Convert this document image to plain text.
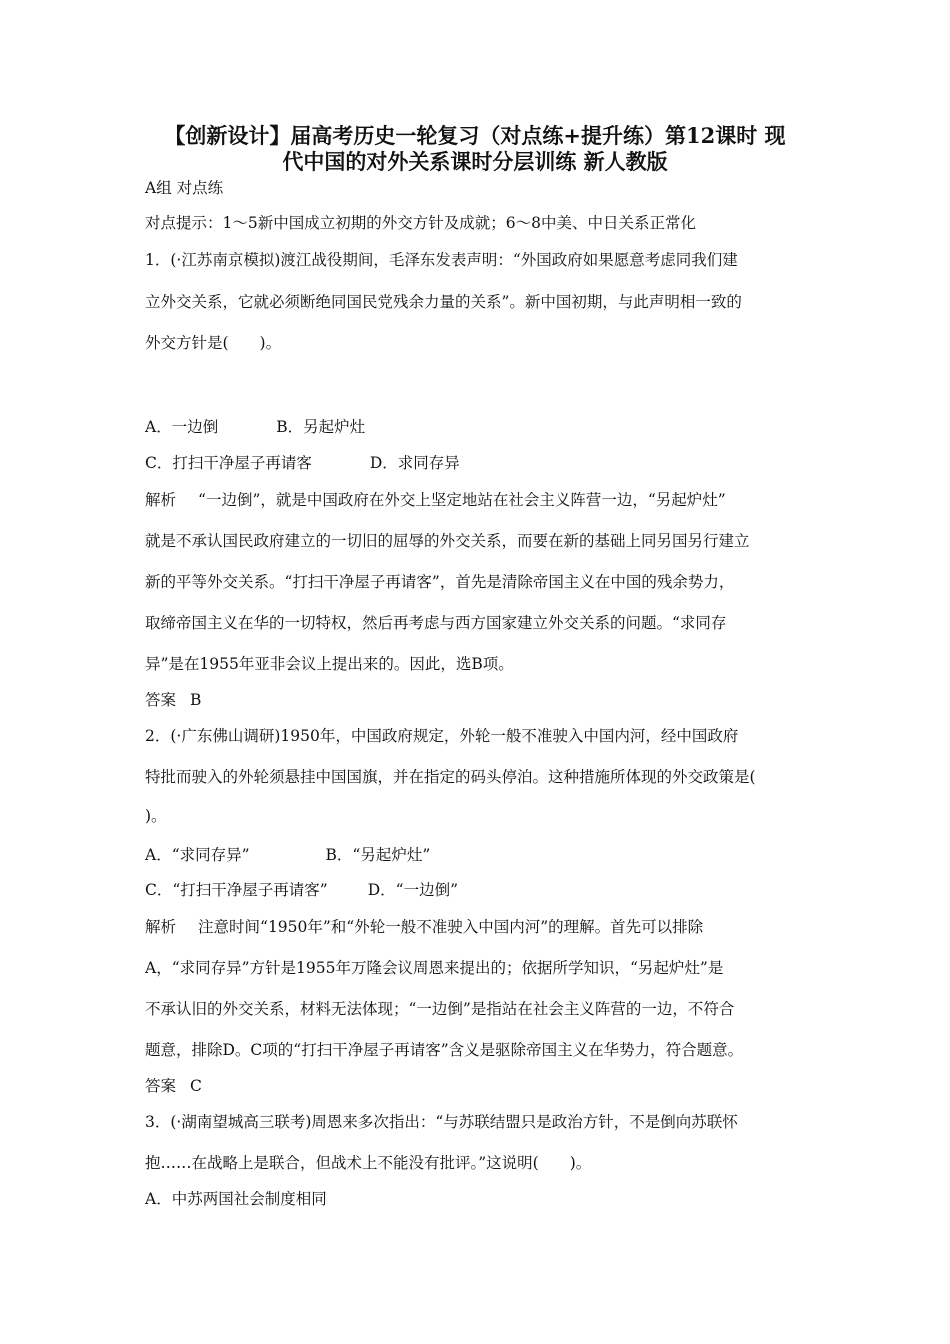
【创新设计】届高考历史一轮复习（对点练+提升练）第12课时 现
代中国的对外关系课时分层训练 新人教版
A组 对点练
对点提示：1～5新中国成立初期的外交方针及成就；6～8中美、中日关系正常化
1．(·江苏南京模拟)渡江战役期间，毛泽东发表声明：“外国政府如果愿意考虑同我们建
立外交关系，它就必须断绝同国民党残余力量的关系”。新中国初期，与此声明相一致的
外交方针是(　　)。
A．一边倒	B．另起炉灶
C．打扫干净屋子再请客	D．求同存异
解析 “一边倒”，就是中国政府在外交上坚定地站在社会主义阵营一边，“另起炉灶”
就是不承认国民政府建立的一切旧的屈辱的外交关系，而要在新的基础上同另国另行建立
新的平等外交关系。“打扫干净屋子再请客”，首先是清除帝国主义在中国的残余势力，
取缔帝国主义在华的一切特权，然后再考虑与西方国家建立外交关系的问题。“求同存
异”是在1955年亚非会议上提出来的。因此，选B项。
答案 B
2．(·广东佛山调研)1950年，中国政府规定，外轮一般不准驶入中国内河，经中国政府
特批而驶入的外轮须悬挂中国国旗，并在指定的码头停泊。这种措施所体现的外交政策是(
)。
A．“求同存异”	B．“另起炉灶”
C．“打扫干净屋子再请客”	D．“一边倒”
解析 注意时间“1950年”和“外轮一般不准驶入中国内河”的理解。首先可以排除
A，“求同存异”方针是1955年万隆会议周恩来提出的；依据所学知识，“另起炉灶”是
不承认旧的外交关系，材料无法体现；“一边倒”是指站在社会主义阵营的一边，不符合
题意，排除D。C项的“打扫干净屋子再请客”含义是驱除帝国主义在华势力，符合题意。
答案 C
3．(·湖南望城高三联考)周恩来多次指出：“与苏联结盟只是政治方针，不是倒向苏联怀
抱……在战略上是联合，但战术上不能没有批评。”这说明(　　)。
A．中苏两国社会制度相同
